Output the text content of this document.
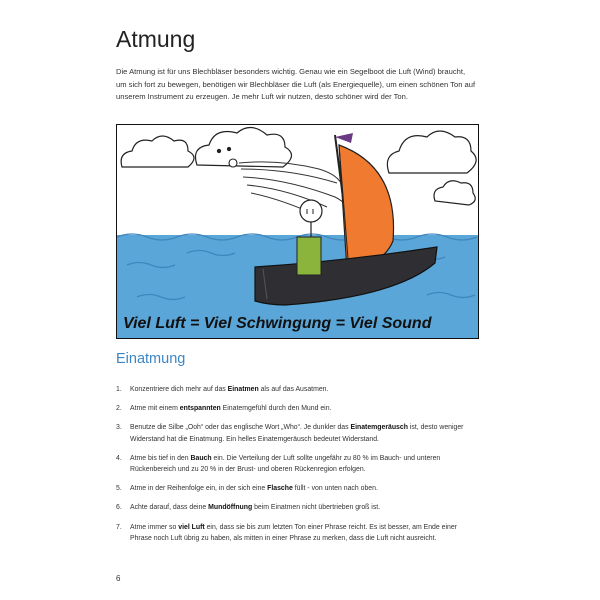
Atmung

Die Atmung ist für uns Blechbläser besonders wichtig. Genau wie ein Segelboot die Luft (Wind) braucht, um sich fort zu bewegen, benötigen wir Blechbläser die Luft (als Energiequelle), um einen schönen Ton auf unserem Instrument zu erzeugen. Je mehr Luft wir nutzen, desto schöner wird der Ton.

Viel Luft = Viel Schwingung = Viel Sound
Einatmung
1. Konzentriere dich mehr auf das Einatmen als auf das Ausatmen.
2. Atme mit einem entspannten Einatemgefühl durch den Mund ein.
3. Benutze die Silbe „Ooh“ oder das englische Wort „Who“. Je dunkler das Einatemgeräusch ist, desto weniger Widerstand hat die Einatmung. Ein helles Einatemgeräusch bedeutet Widerstand.
4. Atme bis tief in den Bauch ein. Die Verteilung der Luft sollte ungefähr zu 80 % im Bauch- und unteren Rückenbereich und zu 20 % in der Brust- und oberen Rückenregion erfolgen.
5. Atme in der Reihenfolge ein, in der sich eine Flasche füllt - von unten nach oben.
6. Achte darauf, dass deine Mundöffnung beim Einatmen nicht übertrieben groß ist.
7. Atme immer so viel Luft ein, dass sie bis zum letzten Ton einer Phrase reicht. Es ist besser, am Ende einer Phrase noch Luft übrig zu haben, als mitten in einer Phrase zu merken, dass die Luft nicht ausreicht.
6
